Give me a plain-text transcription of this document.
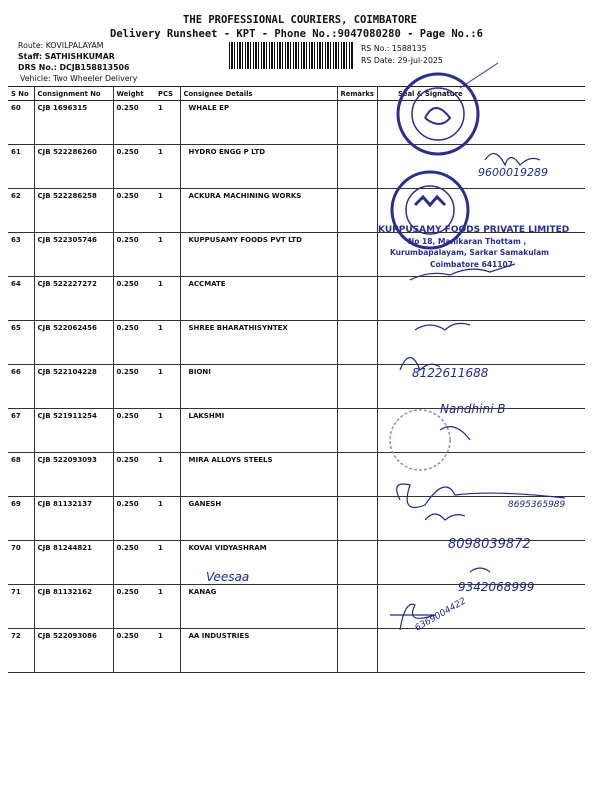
THE PROFESSIONAL COURIERS, COIMBATORE
Delivery Runsheet - KPT - Phone No.:9047080280 - Page No.:6
Route: KOVILPALAYAM
Staff: SATHISHKUMAR
DRS No.: DCJB158813506
Vehicle: Two Wheeler Delivery
RS No.: 1588135
RS Date: 29-Jul-2025
S No	Consignment No	Weight	PCS	Consignee Details	Remarks	Seal & Signature
60	CJB 1696315	0.250	1	WHALE EP		
61	CJB 522286260	0.250	1	HYDRO ENGG P LTD		
62	CJB 522286258	0.250	1	ACKURA MACHINING WORKS		
63	CJB 522305746	0.250	1	KUPPUSAMY FOODS PVT LTD		
64	CJB 522227272	0.250	1	ACCMATE		
65	CJB 522062456	0.250	1	SHREE BHARATHISYNTEX		
66	CJB 522104228	0.250	1	BIONI		
67	CJB 521911254	0.250	1	LAKSHMI		
68	CJB 522093093	0.250	1	MIRA ALLOYS STEELS		
69	CJB 81132137	0.250	1	GANESH		
70	CJB 81244821	0.250	1	KOVAI VIDYASHRAM		
71	CJB 81132162	0.250	1	KANAG		
72	CJB 522093086	0.250	1	AA INDUSTRIES		
KUPPUSAMY FOODS PRIVATE LIMITED
No 18, Manikaran Thottam ,
Kurumbapalayam, Sarkar Samakulam
Coimbatore 641107
9600019289
8122611688
Nandhini B
8695365989
8098039872
9342068999
Veesaa
6369004422
